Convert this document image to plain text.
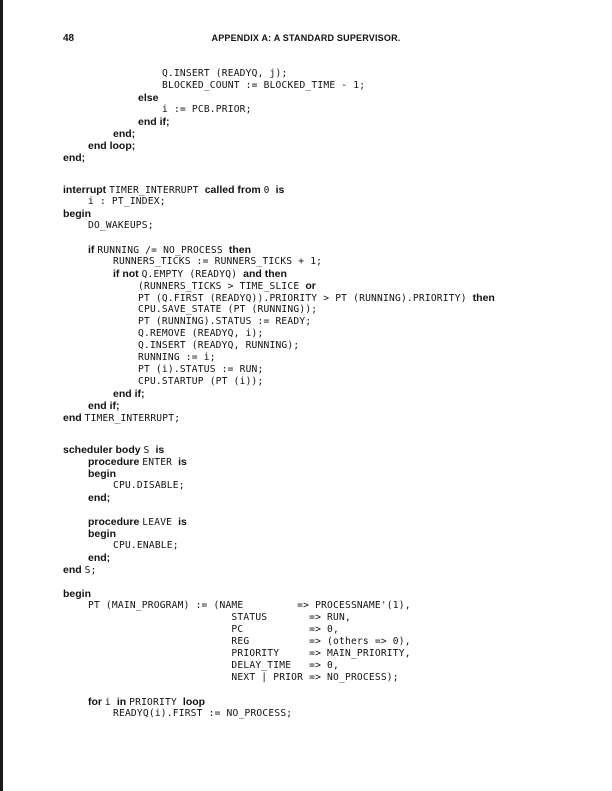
48	APPENDIX A: A STANDARD SUPERVISOR.
Q.INSERT (READYQ, j);
BLOCKED_COUNT := BLOCKED_TIME - 1;
else
i := PCB.PRIOR;
end if;
end;
end loop;
end;
interrupt TIMER_INTERRUPT called from 0 is
i : PT_INDEX;
begin
DO_WAKEUPS;
if RUNNING /= NO_PROCESS then
RUNNERS_TICKS := RUNNERS_TICKS + 1;
if not Q.EMPTY (READYQ) and then
(RUNNERS_TICKS > TIME_SLICE or
PT (Q.FIRST (READYQ)).PRIORITY > PT (RUNNING).PRIORITY) then
CPU.SAVE_STATE (PT (RUNNING));
PT (RUNNING).STATUS := READY;
Q.REMOVE (READYQ, i);
Q.INSERT (READYQ, RUNNING);
RUNNING := i;
PT (i).STATUS := RUN;
CPU.STARTUP (PT (i));
end if;
end if;
end TIMER_INTERRUPT;
scheduler body S is
procedure ENTER is
begin
CPU.DISABLE;
end;
procedure LEAVE is
begin
CPU.ENABLE;
end;
end S;
begin
PT (MAIN_PROGRAM) := (NAME         => PROCESSNAME'(1),
STATUS       => RUN,
PC           => 0,
REG          => (others => 0),
PRIORITY     => MAIN_PRIORITY,
DELAY_TIME   => 0,
NEXT | PRIOR => NO_PROCESS);
for i in PRIORITY loop
READYQ(i).FIRST := NO_PROCESS;
